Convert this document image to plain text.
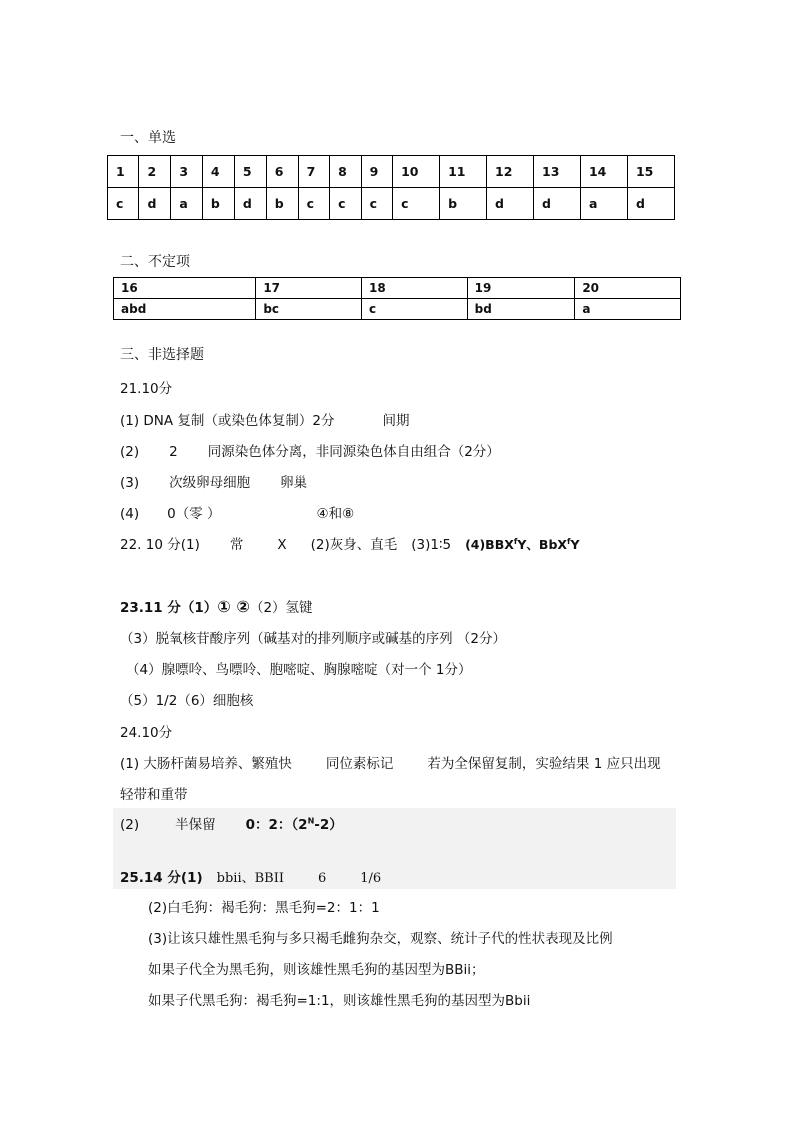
一、单选
1	2	3	4	5	6	7	8	9	10	11	12	13	14	15
c	d	a	b	d	b	c	c	c	c	b	d	d	a	d
二、不定项
16	17	18	19	20
abd	bc	c	bd	a
三、非选择题
21.10分
(1) DNA 复制（或染色体复制）2分	间期
(2) 2 同源染色体分离，非同源染色体自由组合（2分）
(3) 次级卵母细胞 卵巢
(4) 0（零 ）	④和⑧
22. 10 分(1) 常	X (2)灰身、直毛 (3)1∶5 (4)BBX$^f$Y、BbX$^f$Y
23.11 分（1）① ②（2）氢键
（3）脱氧核苷酸序列（碱基对的排列顺序或碱基的序列 （2分）
（4）腺嘌呤、鸟嘌呤、胞嘧啶、胸腺嘧啶（对一个 1分）
（5）1/2（6）细胞核
24.10分
(1) 大肠杆菌易培养、繁殖快	同位素标记	若为全保留复制，实验结果 1 应只出现
轻带和重带
(2)	半保留 0：2：$(2^N-2)$
25.14 分(1) bbii、BBII	6	1/6
(2)白毛狗：褐毛狗：黑毛狗=2：1：1
(3)让该只雄性黑毛狗与多只褐毛雌狗杂交，观察、统计子代的性状表现及比例
如果子代全为黑毛狗，则该雄性黑毛狗的基因型为BBii；
如果子代黑毛狗：褐毛狗=1:1，则该雄性黑毛狗的基因型为Bbii
